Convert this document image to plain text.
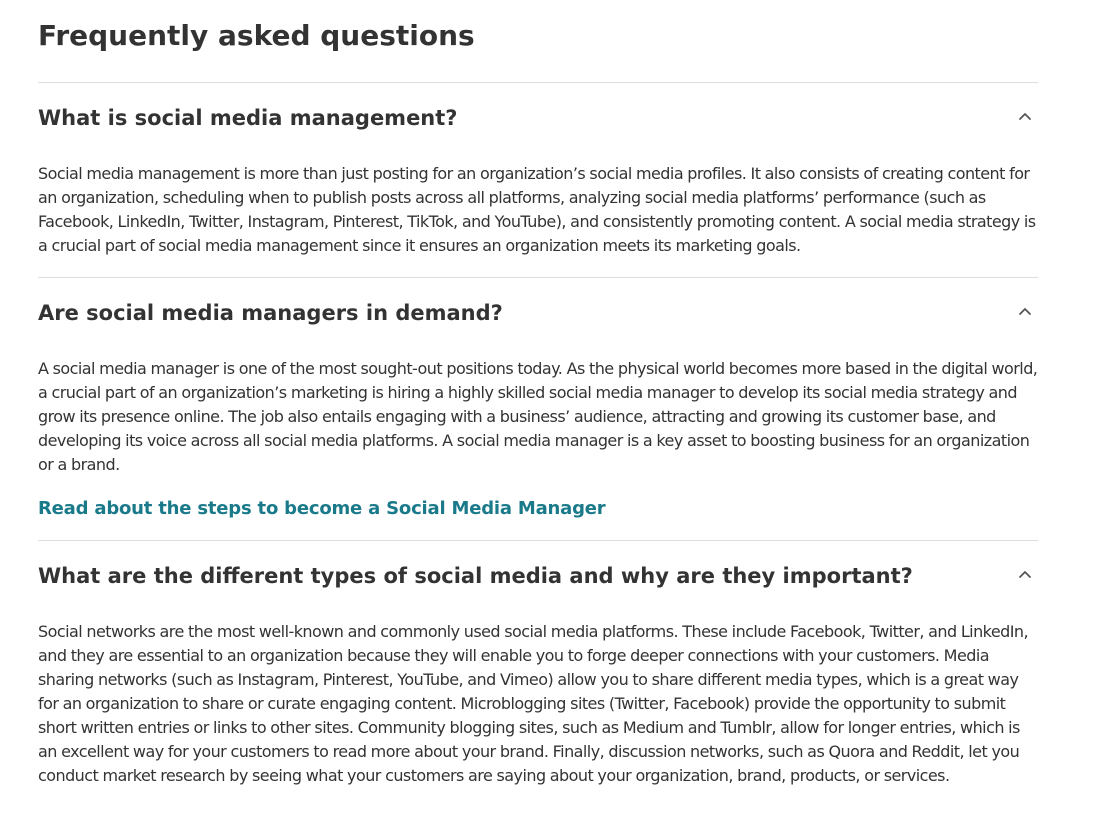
Frequently asked questions
What is social media management?

Social media management is more than just posting for an organization’s social media profiles. It also consists of creating content for an organization, scheduling when to publish posts across all platforms, analyzing social media platforms’ performance (such as Facebook, LinkedIn, Twitter, Instagram, Pinterest, TikTok, and YouTube), and consistently promoting content. A social media strategy is a crucial part of social media management since it ensures an organization meets its marketing goals.

Are social media managers in demand?

A social media manager is one of the most sought-out positions today. As the physical world becomes more based in the digital world, a crucial part of an organization’s marketing is hiring a highly skilled social media manager to develop its social media strategy and grow its presence online. The job also entails engaging with a business’ audience, attracting and growing its customer base, and developing its voice across all social media platforms. A social media manager is a key asset to boosting business for an organization or a brand.

Read about the steps to become a Social Media Manager
What are the different types of social media and why are they important?

Social networks are the most well-known and commonly used social media platforms. These include Facebook, Twitter, and LinkedIn, and they are essential to an organization because they will enable you to forge deeper connections with your customers. Media sharing networks (such as Instagram, Pinterest, YouTube, and Vimeo) allow you to share different media types, which is a great way for an organization to share or curate engaging content. Microblogging sites (Twitter, Facebook) provide the opportunity to submit short written entries or links to other sites. Community blogging sites, such as Medium and Tumblr, allow for longer entries, which is an excellent way for your customers to read more about your brand. Finally, discussion networks, such as Quora and Reddit, let you conduct market research by seeing what your customers are saying about your organization, brand, products, or services.
